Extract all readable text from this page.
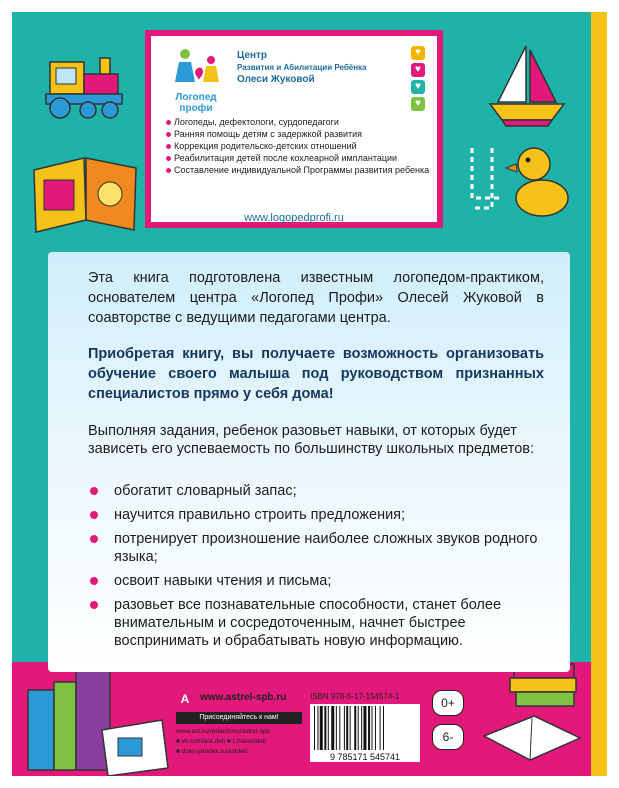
Логопед
профи
Центр
Развития и Абилитации Ребёнка
Олеси Жуковой
♥
♥
♥
♥
Логопеды, дефектологи, сурдопедагоги
Ранняя помощь детям с задержкой развития
Коррекция родительско-детских отношений
Реабилитация детей после кохлеарной имплантации
Составление индивидуальной Программы развития ребенка
www.logopedprofi.ru

Эта книга подготовлена известным логопедом-практиком, основателем центра «Логопед Профи» Олесей Жуковой в соавторстве с ведущими педагогами центра.

Приобретая книгу, вы получаете возможность организовать обучение своего малыша под руководством признанных специалистов прямо у себя дома!

Выполняя задания, ребенок разовьет навыки, от которых будет зависеть его успеваемость по большинству школьных предметов:

обогатит словарный запас;
научится правильно строить предложения;
потренирует произношение наиболее сложных звуков родного языка;
освоит навыки чтения и письма;
разовьет все познавательные способности, станет более внимательным и сосредоточенным, начнет быстрее воспринимать и обрабатывать новую информацию.
А	www.astrel-spb.ru
Присоединяйтесь к нам!
www.ast.ru/redactions/astrel-spb
■ vk.com/ast.deti ■ t.me/astdeti
■ dzen.yandex.ru/astdeti
ISBN 978-5-17-154574-1
9 785171 545741
0+
6-
